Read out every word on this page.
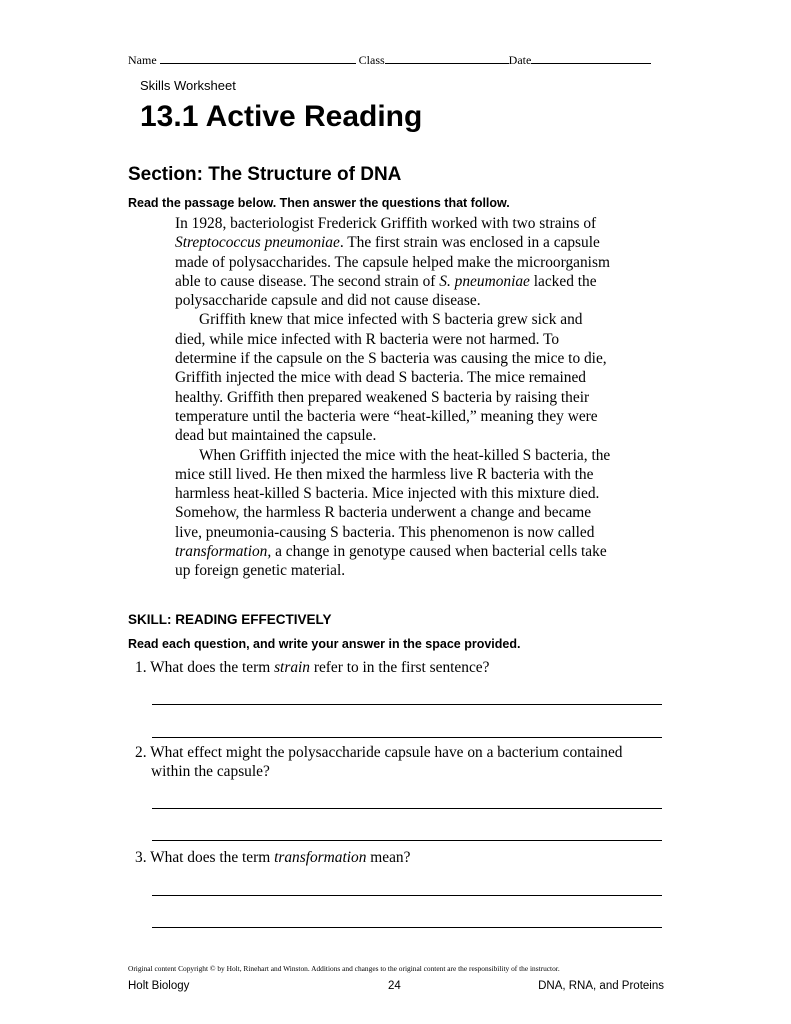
Name	Class	Date
Skills Worksheet
13.1 Active Reading
Section: The Structure of DNA
Read the passage below. Then answer the questions that follow.

In 1928, bacteriologist Frederick Griffith worked with two strains of Streptococcus pneumoniae. The first strain was enclosed in a capsule made of polysaccharides. The capsule helped make the microorganism able to cause disease. The second strain of S. pneumoniae lacked the polysaccharide capsule and did not cause disease.

Griffith knew that mice infected with S bacteria grew sick and died, while mice infected with R bacteria were not harmed. To determine if the capsule on the S bacteria was causing the mice to die, Griffith injected the mice with dead S bacteria. The mice remained healthy. Griffith then prepared weakened S bacteria by raising their temperature until the bacteria were “heat-killed,” meaning they were dead but maintained the capsule.

When Griffith injected the mice with the heat-killed S bacteria, the mice still lived. He then mixed the harmless live R bacteria with the harmless heat-killed S bacteria. Mice injected with this mixture died. Somehow, the harmless R bacteria underwent a change and became live, pneumonia-causing S bacteria. This phenomenon is now called transformation, a change in genotype caused when bacterial cells take up foreign genetic material.

SKILL: READING EFFECTIVELY
Read each question, and write your answer in the space provided.
1. What does the term strain refer to in the first sentence?
2. What effect might the polysaccharide capsule have on a bacterium contained
within the capsule?
3. What does the term transformation mean?
Original content Copyright © by Holt, Rinehart and Winston. Additions and changes to the original content are the responsibility of the instructor.
Holt Biology	24	DNA, RNA, and Proteins
